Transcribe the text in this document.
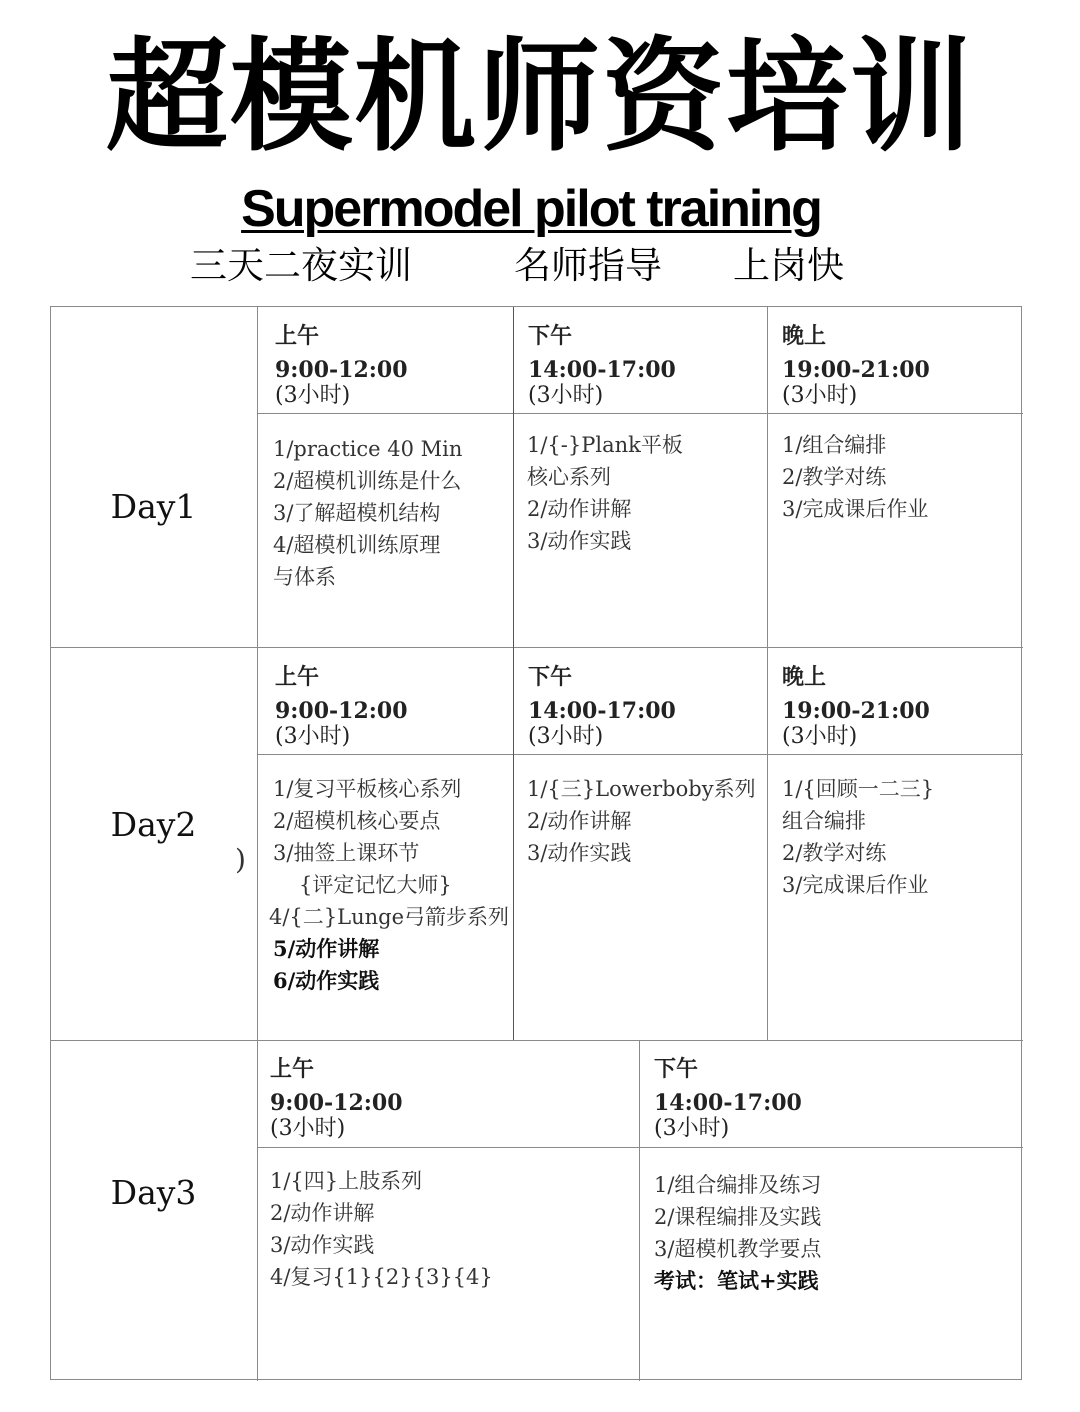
超模机师资培训
Supermodel pilot training
三天二夜实训	名师指导 上岗快
Day1
上午
9:00-12:00
(3小时)
下午
14:00-17:00
(3小时)
晚上
19:00-21:00
(3小时)
1/practice 40 Min
2/超模机训练是什么
3/了解超模机结构
4/超模机训练原理
与体系
1/{-}Plank平板
核心系列
2/动作讲解
3/动作实践
1/组合编排
2/教学对练
3/完成课后作业
Day2
)
上午
9:00-12:00
(3小时)
下午
14:00-17:00
(3小时)
晚上
19:00-21:00
(3小时)
1/复习平板核心系列
2/超模机核心要点
3/抽签上课环节
{评定记忆大师}
4/{二}Lunge弓箭步系列
5/动作讲解
6/动作实践
1/{三}Lowerboby系列
2/动作讲解
3/动作实践
1/{回顾一二三}
组合编排
2/教学对练
3/完成课后作业
Day3
上午
9:00-12:00
(3小时)
下午
14:00-17:00
(3小时)
1/{四}上肢系列
2/动作讲解
3/动作实践
4/复习{1}{2}{3}{4}
1/组合编排及练习
2/课程编排及实践
3/超模机教学要点
考试：笔试+实践
